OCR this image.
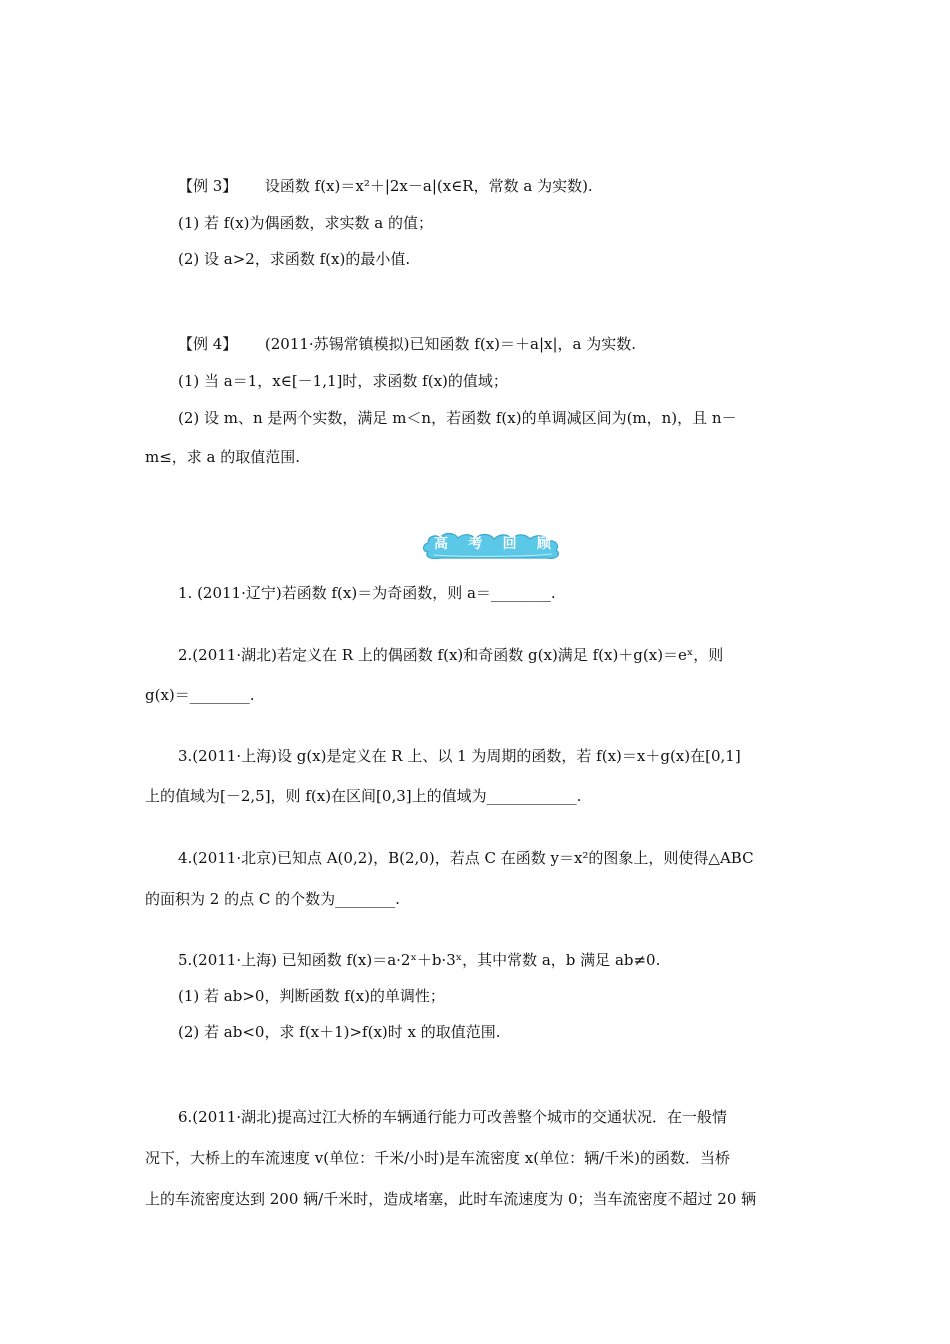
【例 3】 设函数 f(x)＝x²＋|2x－a|(x∈R，常数 a 为实数).
(1) 若 f(x)为偶函数，求实数 a 的值；
(2) 设 a>2，求函数 f(x)的最小值.
【例 4】 (2011·苏锡常镇模拟)已知函数 f(x)＝＋a|x|，a 为实数.
(1) 当 a＝1，x∈[－1,1]时，求函数 f(x)的值域；
(2) 设 m、n 是两个实数，满足 m＜n，若函数 f(x)的单调减区间为(m，n)，且 n－
m≤，求 a 的取值范围.
高 考 回 顾
1. (2011·辽宁)若函数 f(x)＝为奇函数，则 a＝________.
2.(2011·湖北)若定义在 R 上的偶函数 f(x)和奇函数 g(x)满足 f(x)＋g(x)＝eˣ，则
g(x)＝________.
3.(2011·上海)设 g(x)是定义在 R 上、以 1 为周期的函数，若 f(x)＝x＋g(x)在[0,1]
上的值域为[－2,5]，则 f(x)在区间[0,3]上的值域为____________.
4.(2011·北京)已知点 A(0,2)，B(2,0)，若点 C 在函数 y＝x²的图象上，则使得△ABC
的面积为 2 的点 C 的个数为________.
5.(2011·上海) 已知函数 f(x)＝a·2ˣ＋b·3ˣ，其中常数 a，b 满足 ab≠0.
(1) 若 ab>0，判断函数 f(x)的单调性；
(2) 若 ab<0，求 f(x＋1)>f(x)时 x 的取值范围.
6.(2011·湖北)提高过江大桥的车辆通行能力可改善整个城市的交通状况．在一般情
况下，大桥上的车流速度 v(单位：千米/小时)是车流密度 x(单位：辆/千米)的函数．当桥
上的车流密度达到 200 辆/千米时，造成堵塞，此时车流速度为 0；当车流密度不超过 20 辆
